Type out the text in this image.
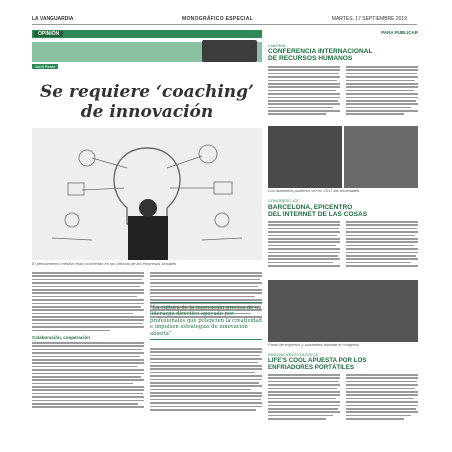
LA VANGUARDIA	MONOGRÁFICO ESPECIAL	MARTES, 17 SEPTIEMBRE 2019
OPINIÓN
Jordi Perez
Se requiere ‘coaching’
de innovación
El pensamiento creativo está ocurriendo en las oficinas de las empresas actuales
Colaboración, cooperación
“La cultura de la innovación precisa de un liderazgo directivo apoyado por profesionales que potencien la creatividad e impulsen estrategias de innovación abierta”
PARA PUBLICAR
LABORAL
CONFERENCIA INTERNACIONAL
DE RECURSOS HUMANOS
Los asistentes pudieron ver en 2017 las novedades
CONGRESO IOT
BARCELONA, EPICENTRO
DEL INTERNET DE LAS COSAS
Panel de expertos y asistentes durante el congreso
INNOVACIÓN ECOLÓGICA
LIFE'S COOL APUESTA POR LOS
ENFRIADORES PORTÁTILES
